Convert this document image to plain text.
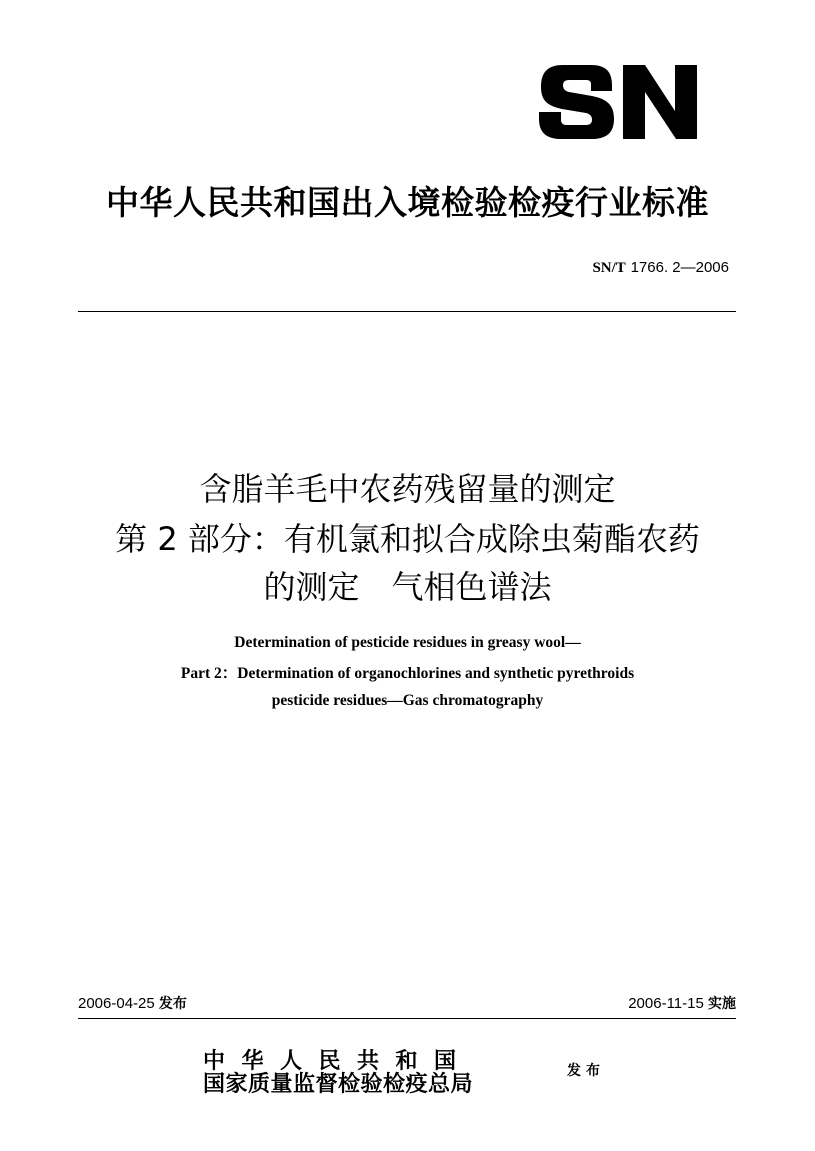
中华人民共和国出入境检验检疫行业标准
SN/T 1766. 2—2006
含脂羊毛中农药残留量的测定
第 2 部分：有机氯和拟合成除虫菊酯农药
的测定　气相色谱法
Determination of pesticide residues in greasy wool—
Part 2：Determination of organochlorines and synthetic pyrethroids
pesticide residues—Gas chromatography
2006-04-25 发布	2006-11-15 实施
中华人民共和国
国家质量监督检验检疫总局	发布
